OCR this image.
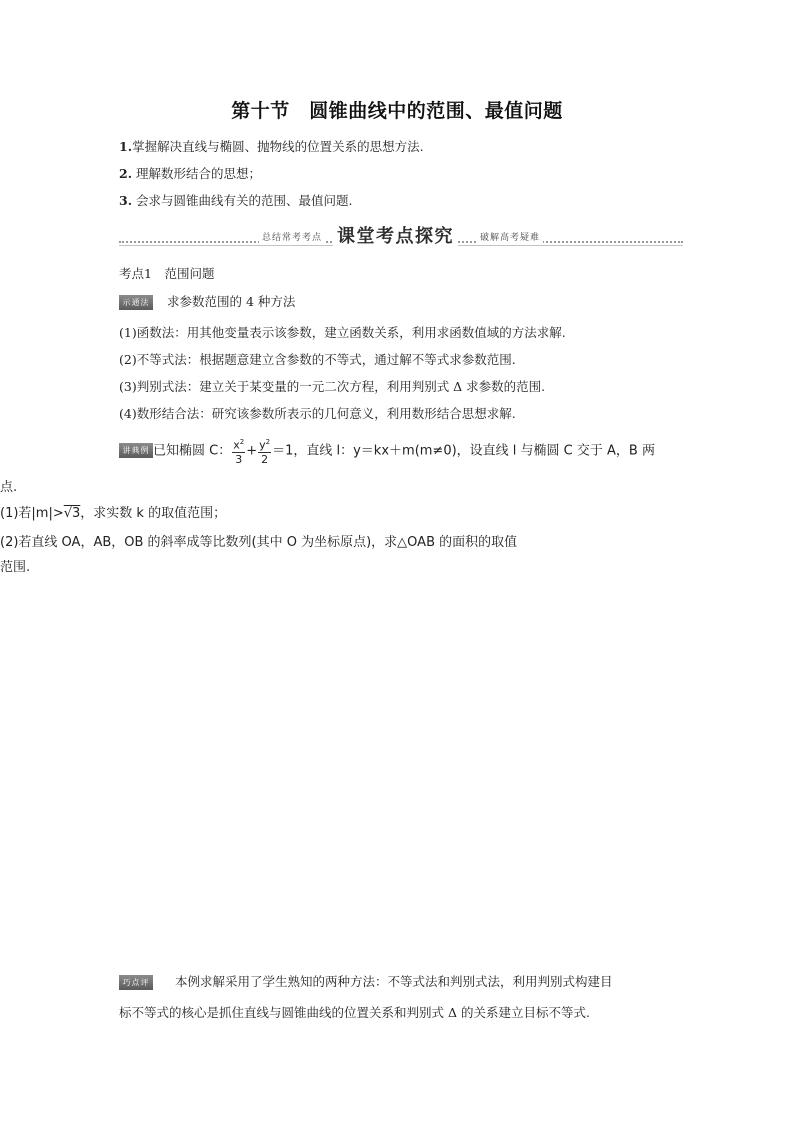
第十节　圆锥曲线中的范围、最值问题
1.掌握解决直线与椭圆、抛物线的位置关系的思想方法.
2. 理解数形结合的思想；
3. 会求与圆锥曲线有关的范围、最值问题.
总结常考考点 课堂考点探究	破解高考疑难
考点1　范围问题
示通法 求参数范围的 4 种方法
(1)函数法：用其他变量表示该参数，建立函数关系，利用求函数值域的方法求解.
(2)不等式法：根据题意建立含参数的不等式，通过解不等式求参数范围.
(3)判别式法：建立关于某变量的一元二次方程，利用判别式 Δ 求参数的范围.
(4)数形结合法：研究该参数所表示的几何意义，利用数形结合思想求解.
讲典例 已知椭圆 C： $\frac{x^2}{3} + \frac{y^2}{2} =1$，直线 l：y＝kx＋m(m≠0)，设直线 l 与椭圆 C 交于 A，B 两
点.
(1)若|m|>√3，求实数 k 的取值范围；
(2)若直线 OA，AB，OB 的斜率成等比数列(其中 O 为坐标原点)，求△OAB 的面积的取值
范围.
巧点评 本例求解采用了学生熟知的两种方法：不等式法和判别式法，利用判别式构建目
标不等式的核心是抓住直线与圆锥曲线的位置关系和判别式 Δ 的关系建立目标不等式.
